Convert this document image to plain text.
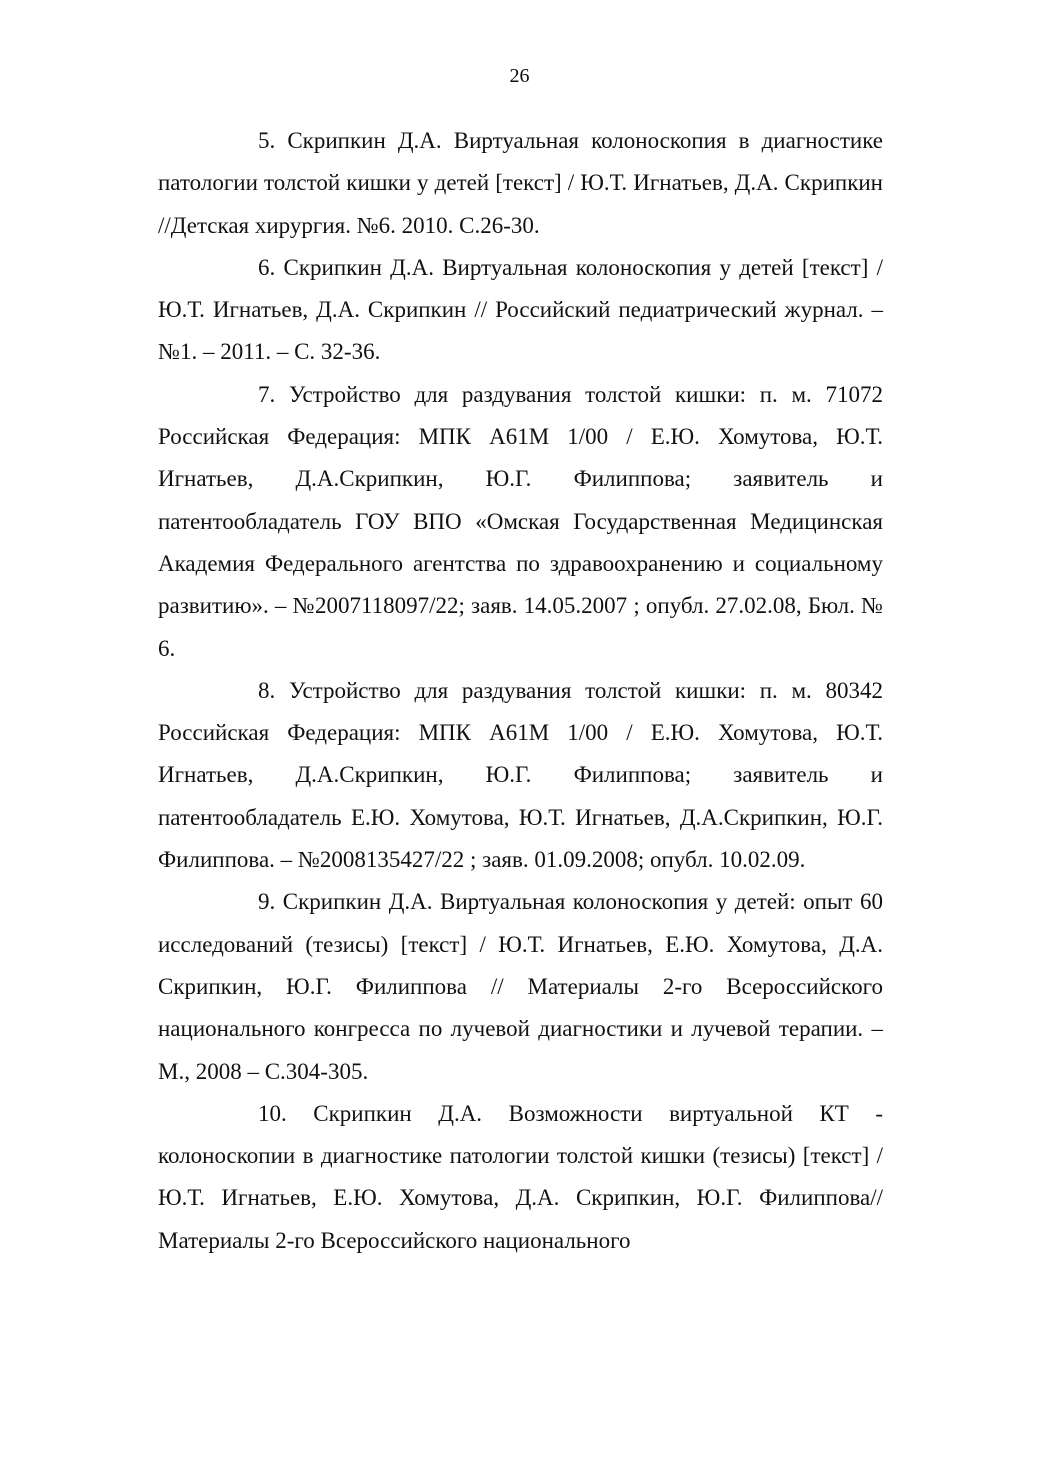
26
5. Скрипкин Д.А. Виртуальная колоноскопия в диагностике патологии толстой кишки у детей [текст] / Ю.Т. Игнатьев, Д.А. Скрипкин //Детская хирургия. №6. 2010. С.26-30.
6. Скрипкин Д.А. Виртуальная колоноскопия у детей [текст] / Ю.Т. Игнатьев, Д.А. Скрипкин // Российский педиатрический журнал. – №1. – 2011. – С. 32-36.
7. Устройство для раздувания толстой кишки: п. м. 71072 Российская Федерация: МПК A61M 1/00 / Е.Ю. Хомутова, Ю.Т. Игнатьев, Д.А.Скрипкин, Ю.Г. Филиппова; заявитель и патентообладатель ГОУ ВПО «Омская Государственная Медицинская Академия Федерального агентства по здравоохранению и социальному развитию». – №2007118097/22; заяв. 14.05.2007 ; опубл. 27.02.08, Бюл. № 6.
8. Устройство для раздувания толстой кишки: п. м. 80342 Российская Федерация: МПК A61M 1/00 / Е.Ю. Хомутова, Ю.Т. Игнатьев, Д.А.Скрипкин, Ю.Г. Филиппова; заявитель и патентообладатель Е.Ю. Хомутова, Ю.Т. Игнатьев, Д.А.Скрипкин, Ю.Г. Филиппова. – №2008135427/22 ; заяв. 01.09.2008; опубл. 10.02.09.
9. Скрипкин Д.А. Виртуальная колоноскопия у детей: опыт 60 исследований (тезисы) [текст] / Ю.Т. Игнатьев, Е.Ю. Хомутова, Д.А. Скрипкин, Ю.Г. Филиппова // Материалы 2-го Всероссийского национального конгресса по лучевой диагностики и лучевой терапии. – М., 2008 – С.304-305.
10. Скрипкин Д.А. Возможности виртуальной КТ - колоноскопии в диагностике патологии толстой кишки (тезисы) [текст] / Ю.Т. Игнатьев, Е.Ю. Хомутова, Д.А. Скрипкин, Ю.Г. Филиппова// Материалы 2-го Всероссийского национального
